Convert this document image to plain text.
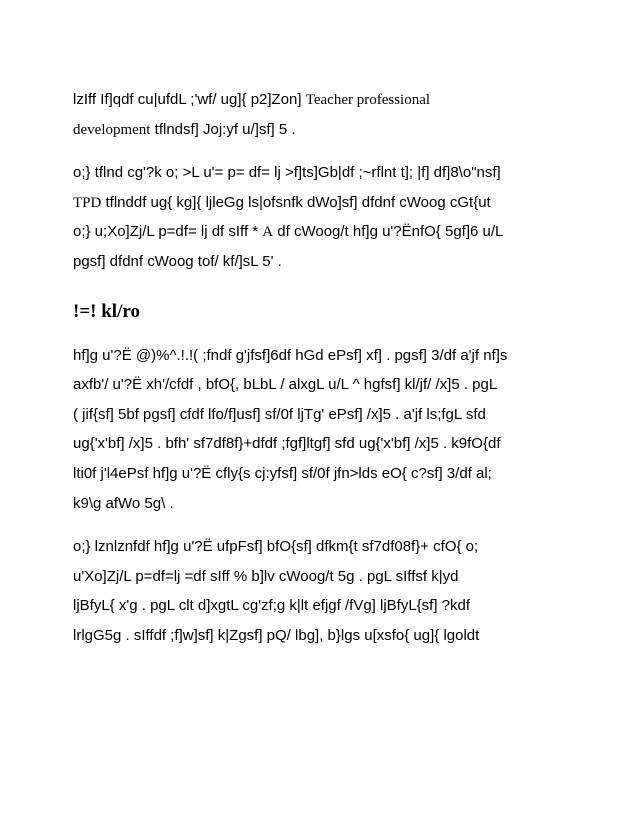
lzIff If]qdf cu|ufdL ;'wf/ ug]{ p2]Zon] Teacher professional
development tflndsf] Joj:yf u/]sf] 5 .
o;} tflnd cg'?k o; >L u'= p= df= lj >f]ts]Gb|df ;~rflnt t]; |f] df]8\o"nsf]
TPD tflnddf ug{ kg]{ ljleGg ls|ofsnfk dWo]sf] dfdnf cWoog cGt{ut
o;} u;Xo]Zj/L p=df= lj df sIff * A df cWoog/t hf]g u'?ËnfO{ 5gf]6 u/L
pgsf] dfdnf cWoog tof/ kf/]sL 5' .
!=! kl/ro
hf]g u'?Ë @)%^.!.!( ;fndf g'jfsf]6df hGd ePsf] xf] . pgsf] 3/df a'jf nf]s
axfb'/ u'?Ë xh'/cfdf , bfO{, bLbL / alxgL u/L ^ hgfsf] kl/jf/ /x]5 . pgL
( jif{sf] 5bf pgsf] cfdf lfo/f]usf] sf/0f ljTg' ePsf] /x]5 . a'jf ls;fgL sfd
ug{'x'bf] /x]5 . bfh' sf7df8f}+dfdf ;fgf]ltgf] sfd ug{'x'bf] /x]5 . k9fO{df
lti0f j'l4ePsf hf]g u'?Ë cfly{s cj:yfsf] sf/0f jfn>lds eO{ c?sf] 3/df al;
k9\g afWo 5g\ .
o;} lznlznfdf hf]g u'?Ë ufpFsf] bfO{sf] dfkm{t sf7df08f}+ cfO{ o;
u'Xo]Zj/L p=df=lj =df sIff % b]lv cWoog/t 5g . pgL sIffsf k|yd
ljBfyL{ x'g . pgL clt d]xgtL cg'zf;g k|lt efjgf /fVg] ljBfyL{sf] ?kdf
lrlgG5g . sIffdf ;f]w]sf] k|Zgsf] pQ/ lbg], b}lgs u[xsfo{ ug]{ lgoldt
